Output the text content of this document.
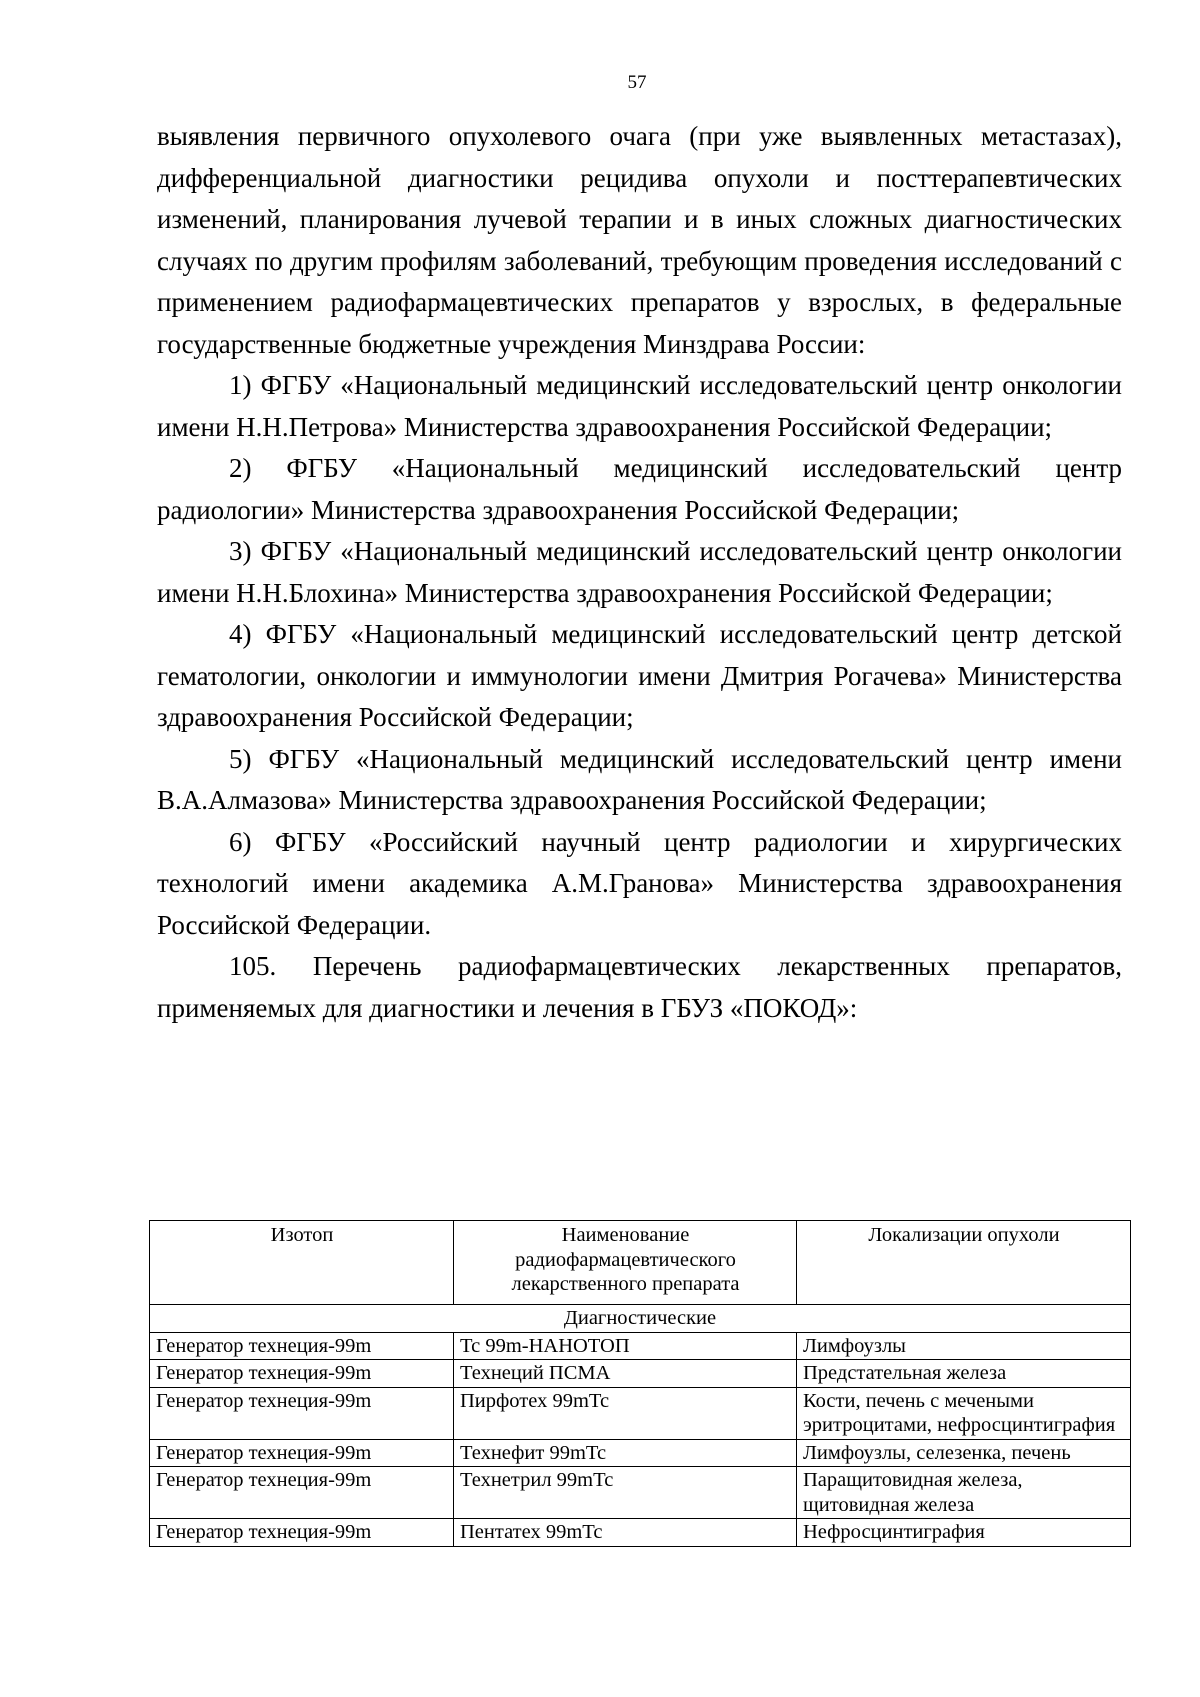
57

выявления первичного опухолевого очага (при уже выявленных метастазах), дифференциальной диагностики рецидива опухоли и посттерапевтических изменений, планирования лучевой терапии и в иных сложных диагностических случаях по другим профилям заболеваний, требующим проведения исследований с применением радиофармацевтических препаратов у взрослых, в федеральные государственные бюджетные учреждения Минздрава России:

1) ФГБУ «Национальный медицинский исследовательский центр онкологии имени Н.Н.Петрова» Министерства здравоохранения Российской Федерации;

2) ФГБУ «Национальный медицинский исследовательский центр радиологии» Министерства здравоохранения Российской Федерации;

3) ФГБУ «Национальный медицинский исследовательский центр онкологии имени Н.Н.Блохина» Министерства здравоохранения Российской Федерации;

4) ФГБУ «Национальный медицинский исследовательский центр детской гематологии, онкологии и иммунологии имени Дмитрия Рогачева» Министерства здравоохранения Российской Федерации;

5) ФГБУ «Национальный медицинский исследовательский центр имени В.А.Алмазова» Министерства здравоохранения Российской Федерации;

6) ФГБУ «Российский научный центр радиологии и хирургических технологий имени академика А.М.Гранова» Министерства здравоохранения Российской Федерации.

105. Перечень радиофармацевтических лекарственных препаратов, применяемых для диагностики и лечения в ГБУЗ «ПОКОД»:

Изотоп	Наименование радиофармацевтического лекарственного препарата	Локализации опухоли
Диагностические		
Генератор технеция-99m	Tc 99m-НАНОТОП	Лимфоузлы
Генератор технеция-99m	Технеций ПСМА	Предстательная железа
Генератор технеция-99m	Пирфотех 99mTc	Кости, печень с мечеными эритроцитами, нефросцинтиграфия
Генератор технеция-99m	Технефит 99mTc	Лимфоузлы, селезенка, печень
Генератор технеция-99m	Технетрил 99mTc	Паращитовидная железа, щитовидная железа
Генератор технеция-99m	Пентатех 99mTc	Нефросцинтиграфия
